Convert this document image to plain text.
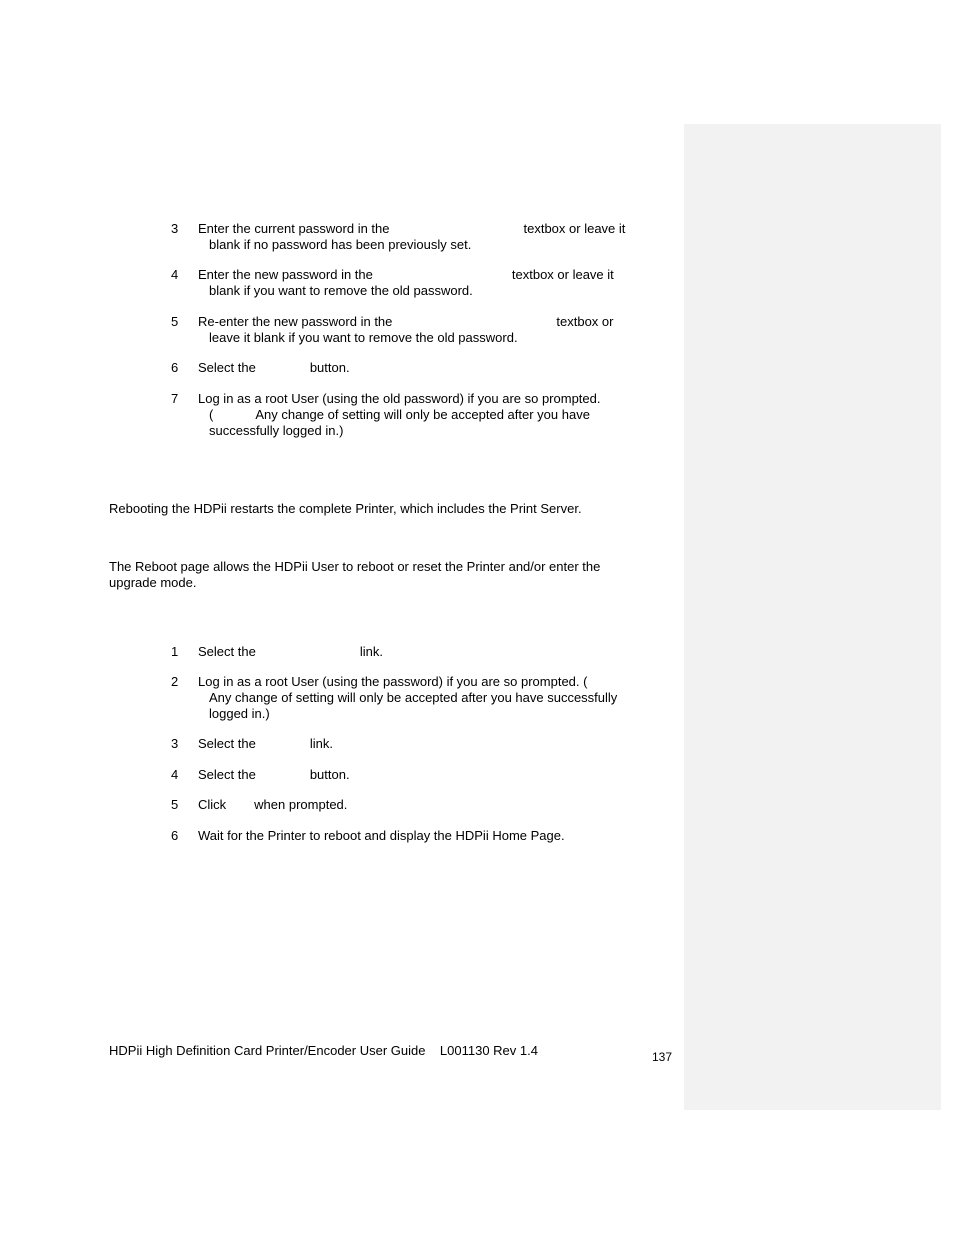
3	Enter the current password in the	textbox or leave it
blank if no password has been previously set.
4	Enter the new password in the	textbox or leave it
blank if you want to remove the old password.
5	Re-enter the new password in the	textbox or
leave it blank if you want to remove the old password.
6	Select the	button.
7	Log in as a root User (using the old password) if you are so prompted.
(	Any change of setting will only be accepted after you have
successfully logged in.)
Rebooting the HDPii restarts the complete Printer, which includes the Print Server.
The Reboot page allows the HDPii User to reboot or reset the Printer and/or enter the
upgrade mode.
1	Select the	link.
2	Log in as a root User (using the password) if you are so prompted. (
Any change of setting will only be accepted after you have successfully
logged in.)
3	Select the	link.
4	Select the	button.
5	Click when prompted.
6	Wait for the Printer to reboot and display the HDPii Home Page.
HDPii High Definition Card Printer/Encoder User Guide    L001130 Rev 1.4	137
